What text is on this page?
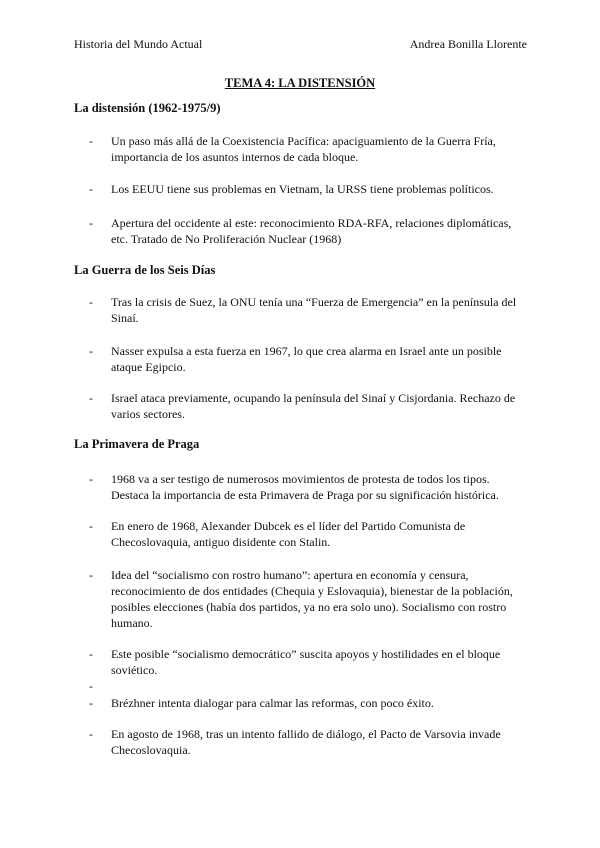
Historia del Mundo Actual	Andrea Bonilla Llorente
TEMA 4: LA DISTENSIÓN
La distensión (1962-1975/9)
- Un paso más allá de la Coexistencia Pacífica: apaciguamiento de la Guerra Fría, importancia de los asuntos internos de cada bloque.
- Los EEUU tiene sus problemas en Vietnam, la URSS tiene problemas políticos.
- Apertura del occidente al este: reconocimiento RDA-RFA, relaciones diplomáticas, etc. Tratado de No Proliferación Nuclear (1968)
La Guerra de los Seis Días
- Tras la crisis de Suez, la ONU tenía una “Fuerza de Emergencia” en la península del Sinaí.
- Nasser expulsa a esta fuerza en 1967, lo que crea alarma en Israel ante un posible ataque Egipcio.
- Israel ataca previamente, ocupando la península del Sinaí y Cisjordania. Rechazo de varios sectores.
La Primavera de Praga
- 1968 va a ser testigo de numerosos movimientos de protesta de todos los tipos. Destaca la importancia de esta Primavera de Praga por su significación histórica.
- En enero de 1968, Alexander Dubcek es el líder del Partido Comunista de Checoslovaquia, antiguo disidente con Stalin.
- Idea del “socialismo con rostro humano”: apertura en economía y censura, reconocimiento de dos entidades (Chequia y Eslovaquia), bienestar de la población, posibles elecciones (había dos partidos, ya no era solo uno). Socialismo con rostro humano.
- Este posible “socialismo democrático” suscita apoyos y hostilidades en el bloque soviético.
-
- Brézhner intenta dialogar para calmar las reformas, con poco éxito.
- En agosto de 1968, tras un intento fallido de diálogo, el Pacto de Varsovia invade Checoslovaquia.
